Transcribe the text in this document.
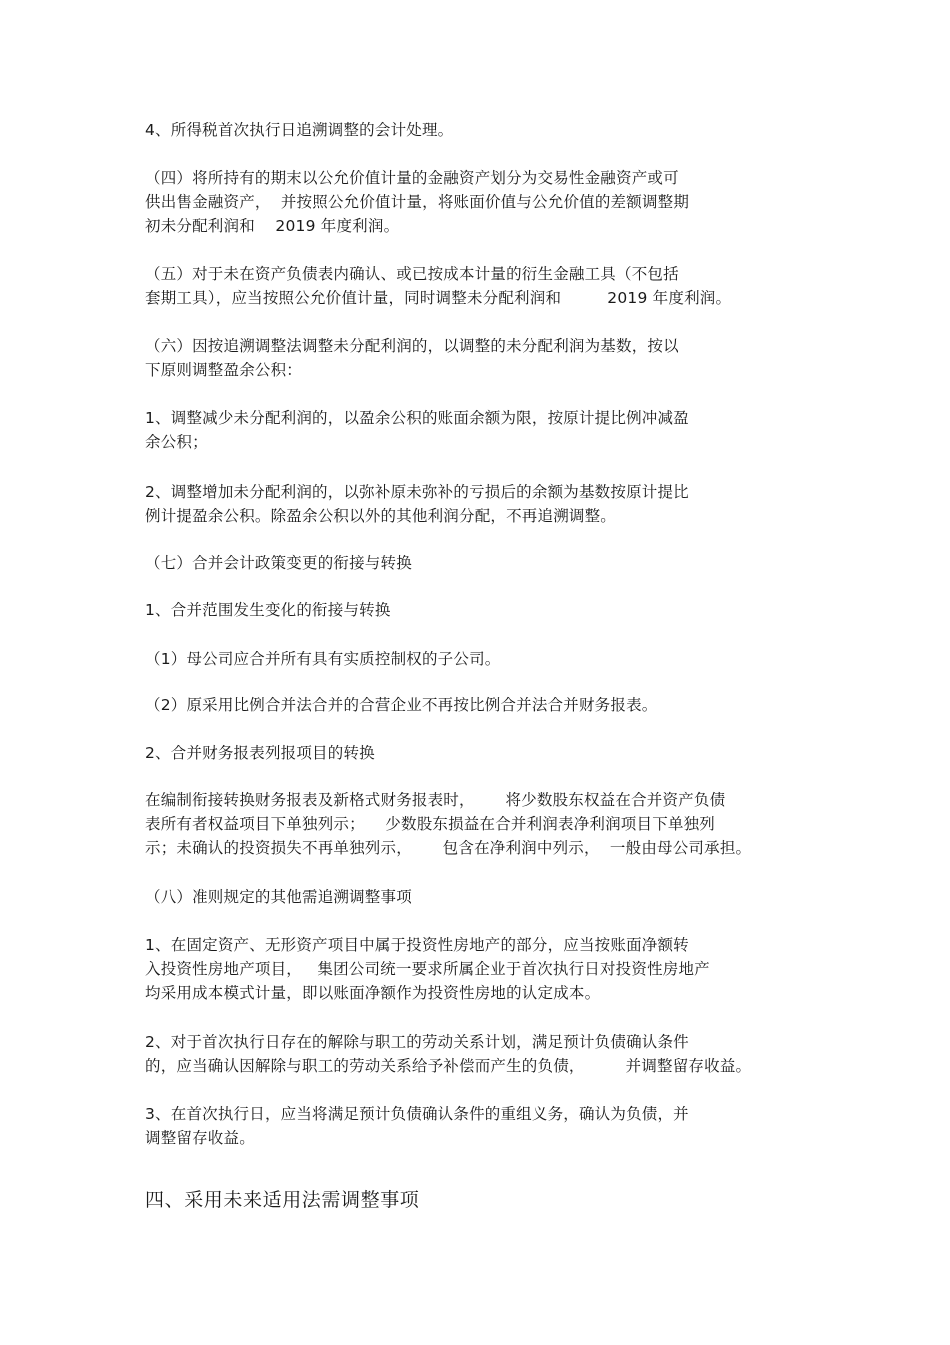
4、所得税首次执行日追溯调整的会计处理。
（四）将所持有的期末以公允价值计量的金融资产划分为交易性金融资产或可
供出售金融资产，  并按照公允价值计量，将账面价值与公允价值的差额调整期
初未分配利润和    2019 年度利润。
（五）对于未在资产负债表内确认、或已按成本计量的衍生金融工具（不包括
套期工具），应当按照公允价值计量，同时调整未分配利润和         2019 年度利润。
（六）因按追溯调整法调整未分配利润的，以调整的未分配利润为基数，按以
下原则调整盈余公积：
1、调整减少未分配利润的，以盈余公积的账面余额为限，按原计提比例冲减盈
余公积；
2、调整增加未分配利润的，以弥补原未弥补的亏损后的余额为基数按原计提比
例计提盈余公积。除盈余公积以外的其他利润分配，不再追溯调整。
（七）合并会计政策变更的衔接与转换
1、合并范围发生变化的衔接与转换
（1）母公司应合并所有具有实质控制权的子公司。
（2）原采用比例合并法合并的合营企业不再按比例合并法合并财务报表。
2、合并财务报表列报项目的转换
在编制衔接转换财务报表及新格式财务报表时，      将少数股东权益在合并资产负债
表所有者权益项目下单独列示；    少数股东损益在合并利润表净利润项目下单独列
示；未确认的投资损失不再单独列示，      包含在净利润中列示，  一般由母公司承担。
（八）准则规定的其他需追溯调整事项
1、在固定资产、无形资产项目中属于投资性房地产的部分，应当按账面净额转
入投资性房地产项目，   集团公司统一要求所属企业于首次执行日对投资性房地产
均采用成本模式计量，即以账面净额作为投资性房地的认定成本。
2、对于首次执行日存在的解除与职工的劳动关系计划，满足预计负债确认条件
的，应当确认因解除与职工的劳动关系给予补偿而产生的负债，        并调整留存收益。
3、在首次执行日，应当将满足预计负债确认条件的重组义务，确认为负债，并
调整留存收益。
四、采用未来适用法需调整事项
